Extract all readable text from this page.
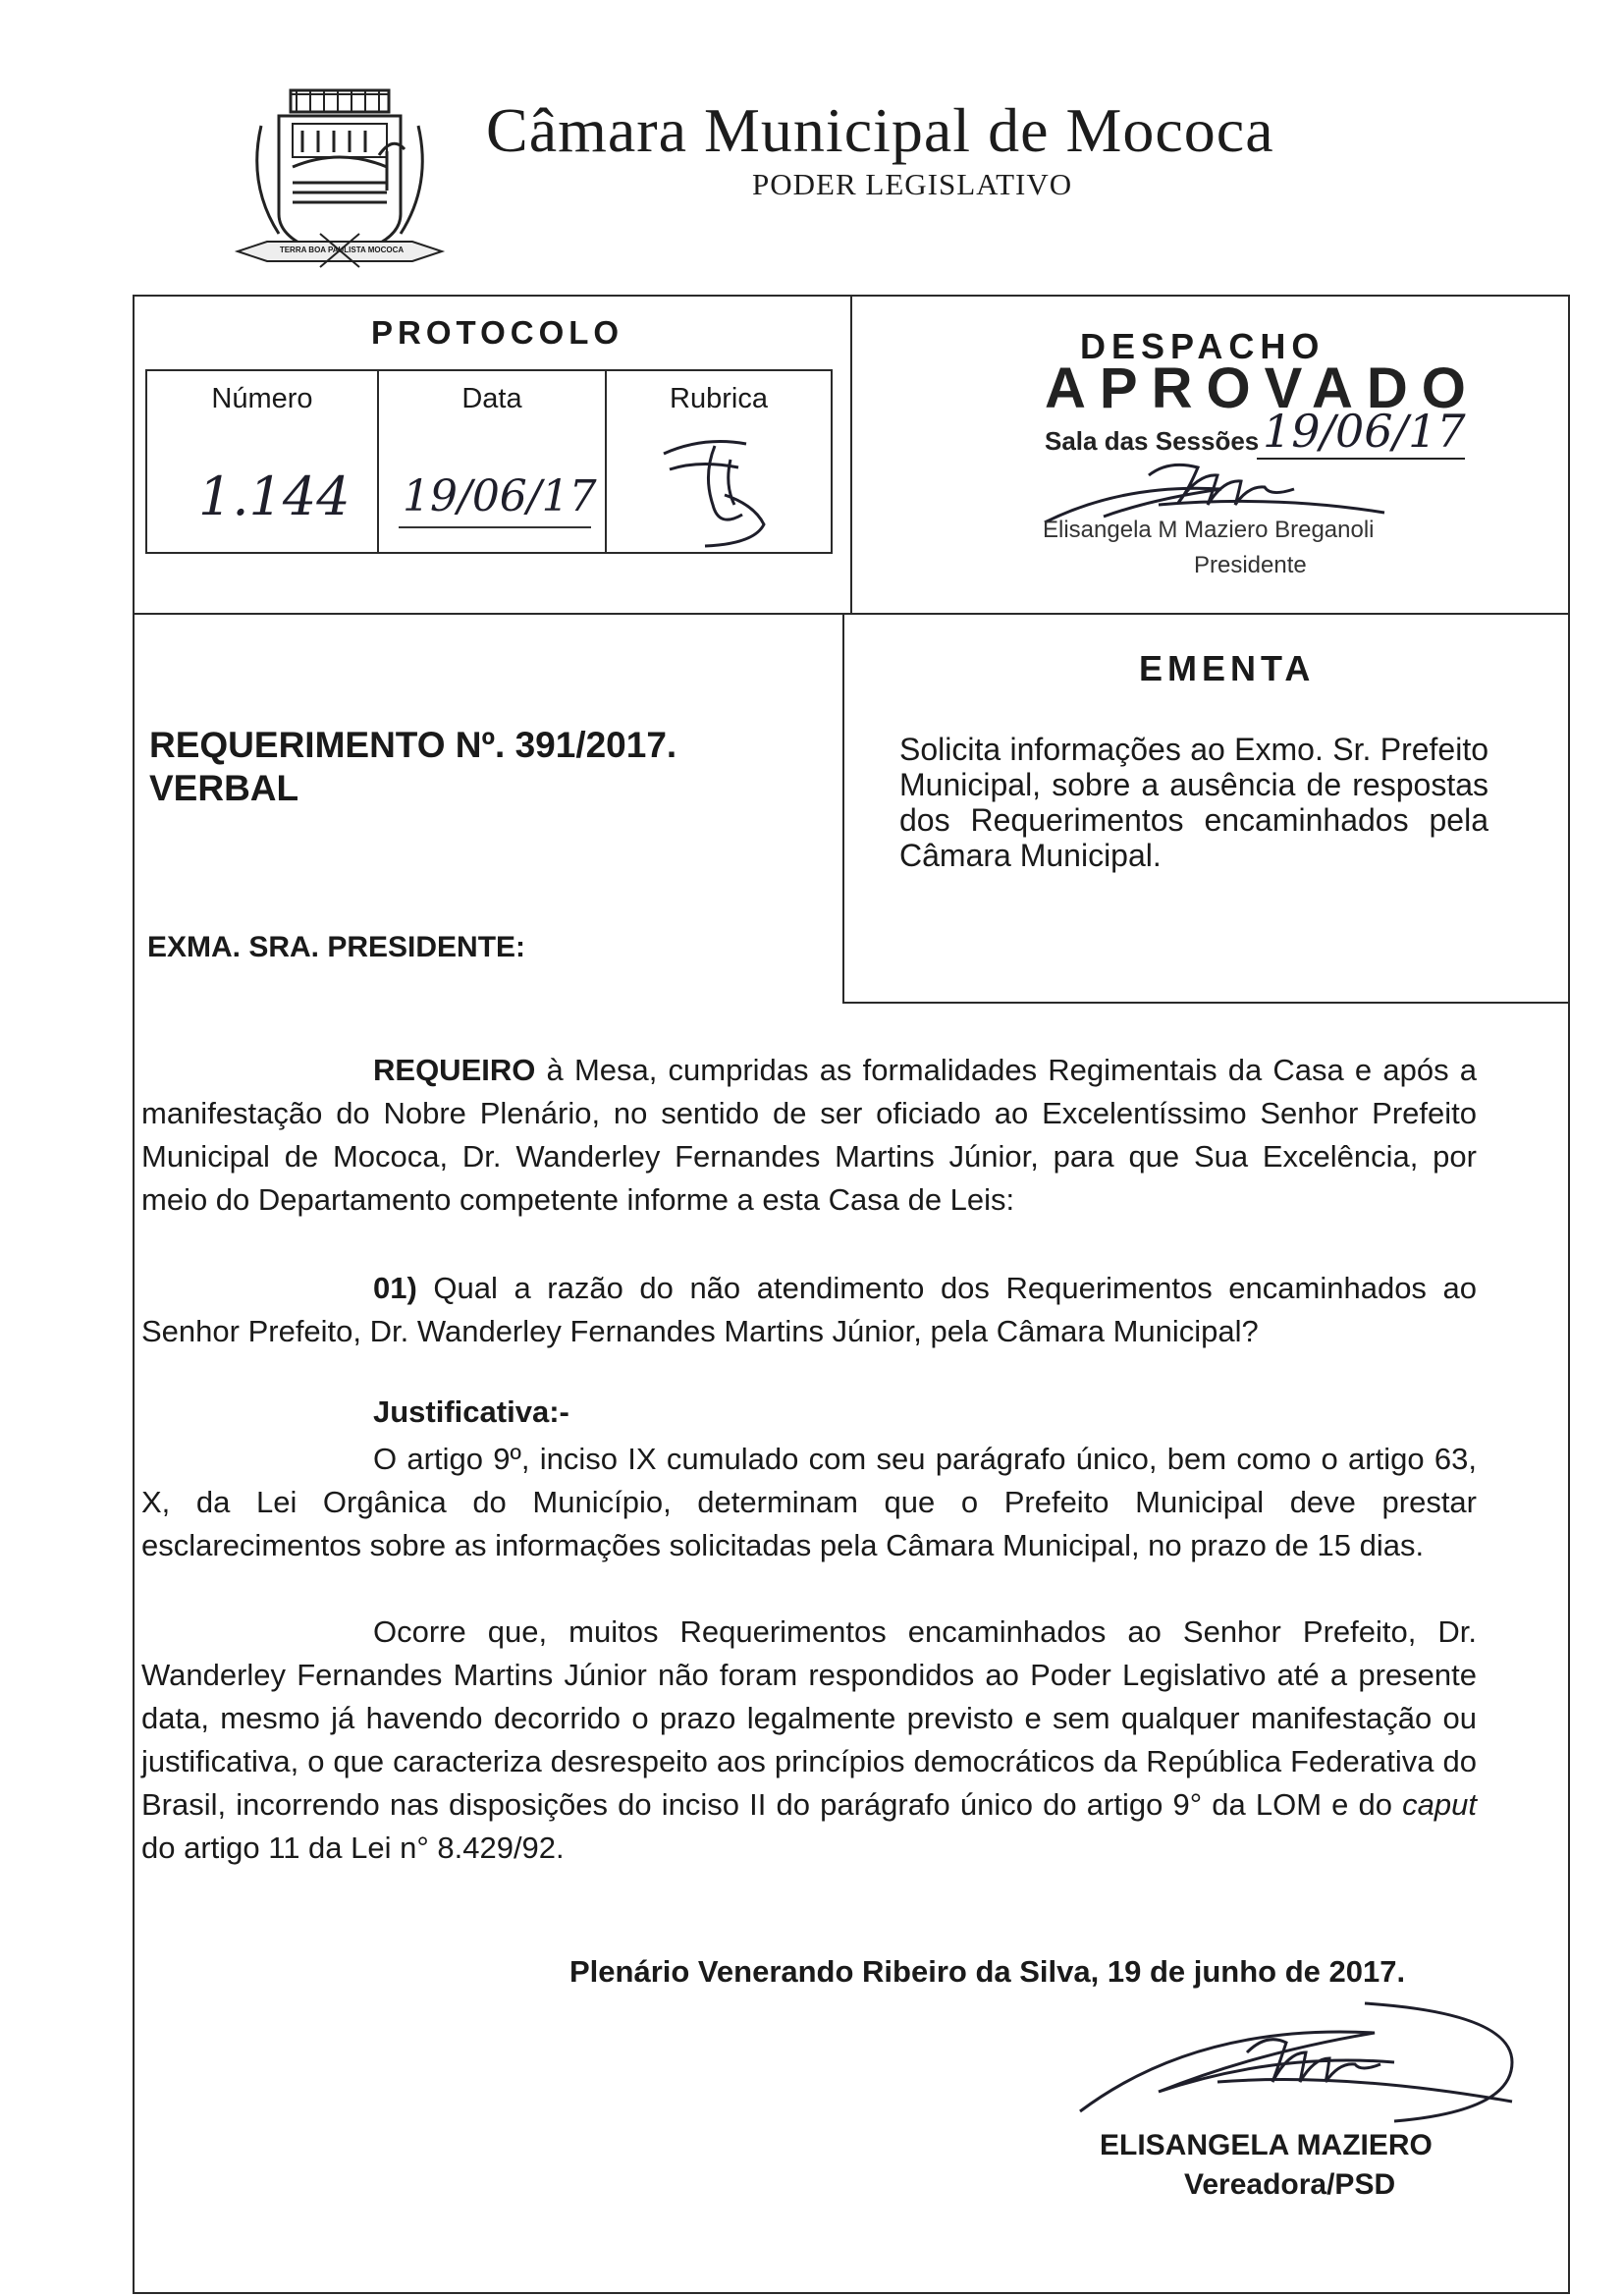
TERRA BOA PAULISTA MOCOCA
Câmara Municipal de Mococa
PODER LEGISLATIVO
PROTOCOLO
Número
1.144
Data
19/06/17
Rubrica
DESPACHO
APROVADO
Sala das Sessões 19/06/17
Elisangela M Maziero Breganoli
Presidente
REQUERIMENTO Nº. 391/2017.
VERBAL
EMENTA
Solicita informações ao Exmo. Sr. Prefeito Municipal, sobre a ausência de respostas dos Requerimentos encaminhados pela Câmara Municipal.
EXMA. SRA. PRESIDENTE:

REQUEIRO à Mesa, cumpridas as formalidades Regimentais da Casa e após a manifestação do Nobre Plenário, no sentido de ser oficiado ao Excelentíssimo Senhor Prefeito Municipal de Mococa, Dr. Wanderley Fernandes Martins Júnior, para que Sua Excelência, por meio do Departamento competente informe a esta Casa de Leis:

01) Qual a razão do não atendimento dos Requerimentos encaminhados ao Senhor Prefeito, Dr. Wanderley Fernandes Martins Júnior, pela Câmara Municipal?

Justificativa:-

O artigo 9º, inciso IX cumulado com seu parágrafo único, bem como o artigo 63, X, da Lei Orgânica do Município, determinam que o Prefeito Municipal deve prestar esclarecimentos sobre as informações solicitadas pela Câmara Municipal, no prazo de 15 dias.

Ocorre que, muitos Requerimentos encaminhados ao Senhor Prefeito, Dr. Wanderley Fernandes Martins Júnior não foram respondidos ao Poder Legislativo até a presente data, mesmo já havendo decorrido o prazo legalmente previsto e sem qualquer manifestação ou justificativa, o que caracteriza desrespeito aos princípios democráticos da República Federativa do Brasil, incorrendo nas disposições do inciso II do parágrafo único do artigo 9° da LOM e do caput do artigo 11 da Lei n° 8.429/92.

Plenário Venerando Ribeiro da Silva, 19 de junho de 2017.
ELISANGELA MAZIERO
Vereadora/PSD
